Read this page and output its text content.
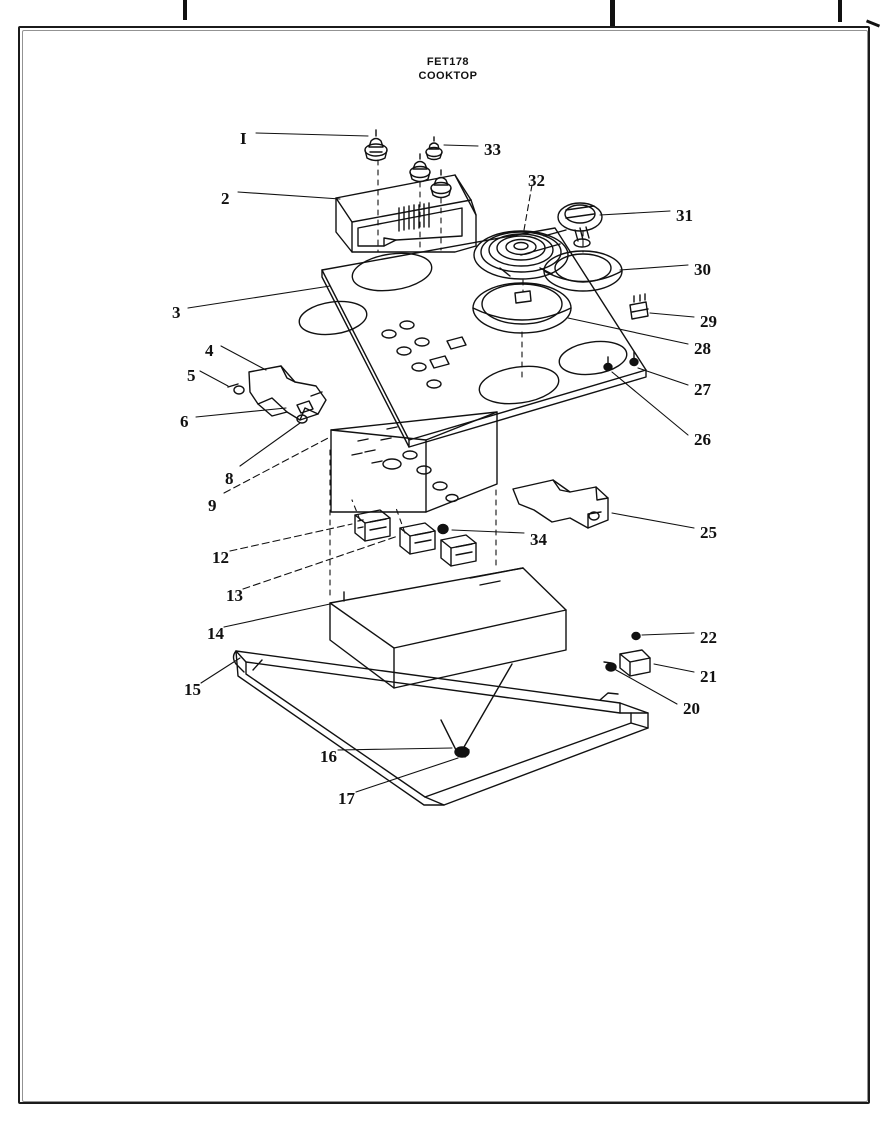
FET178
COOKTOP
I
33
2
32
31
30
3	29
28
4
27
5
6
26
8
9
25
34
12
13
14	22
21
15
20
16
17
